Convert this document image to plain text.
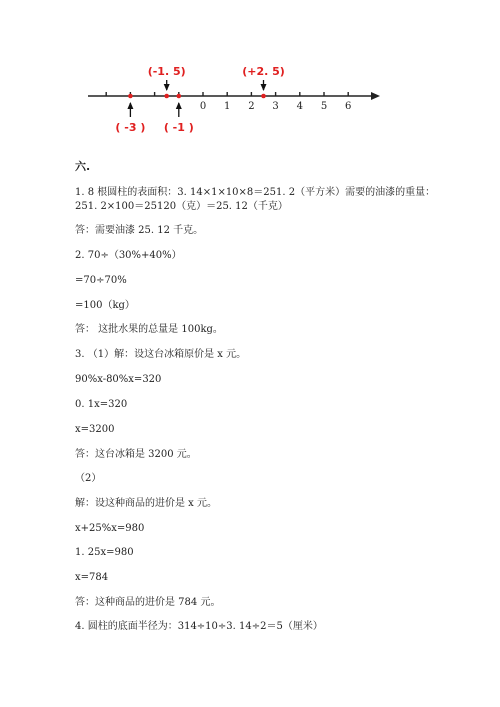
0 1 2 3 4 5 6
(-1. 5)	(+2. 5)
( -3 ) ( -1 )
六.
1. 8 根圆柱的表面积：3. 14×1×10×8＝251. 2（平方米）需要的油漆的重量：
251. 2×100＝25120（克）＝25. 12（千克）
答：需要油漆 25. 12 千克。
2. 70÷（30%+40%）
=70÷70%
=100（kg）
答： 这批水果的总量是 100kg。
3. （1）解：设这台冰箱原价是 x 元。
90%x-80%x=320
0. 1x=320
x=3200
答：这台冰箱是 3200 元。
（2）
解：设这种商品的进价是 x 元。
x+25%x=980
1. 25x=980
x=784
答：这种商品的进价是 784 元。
4. 圆柱的底面半径为：314÷10÷3. 14÷2＝5（厘米）
